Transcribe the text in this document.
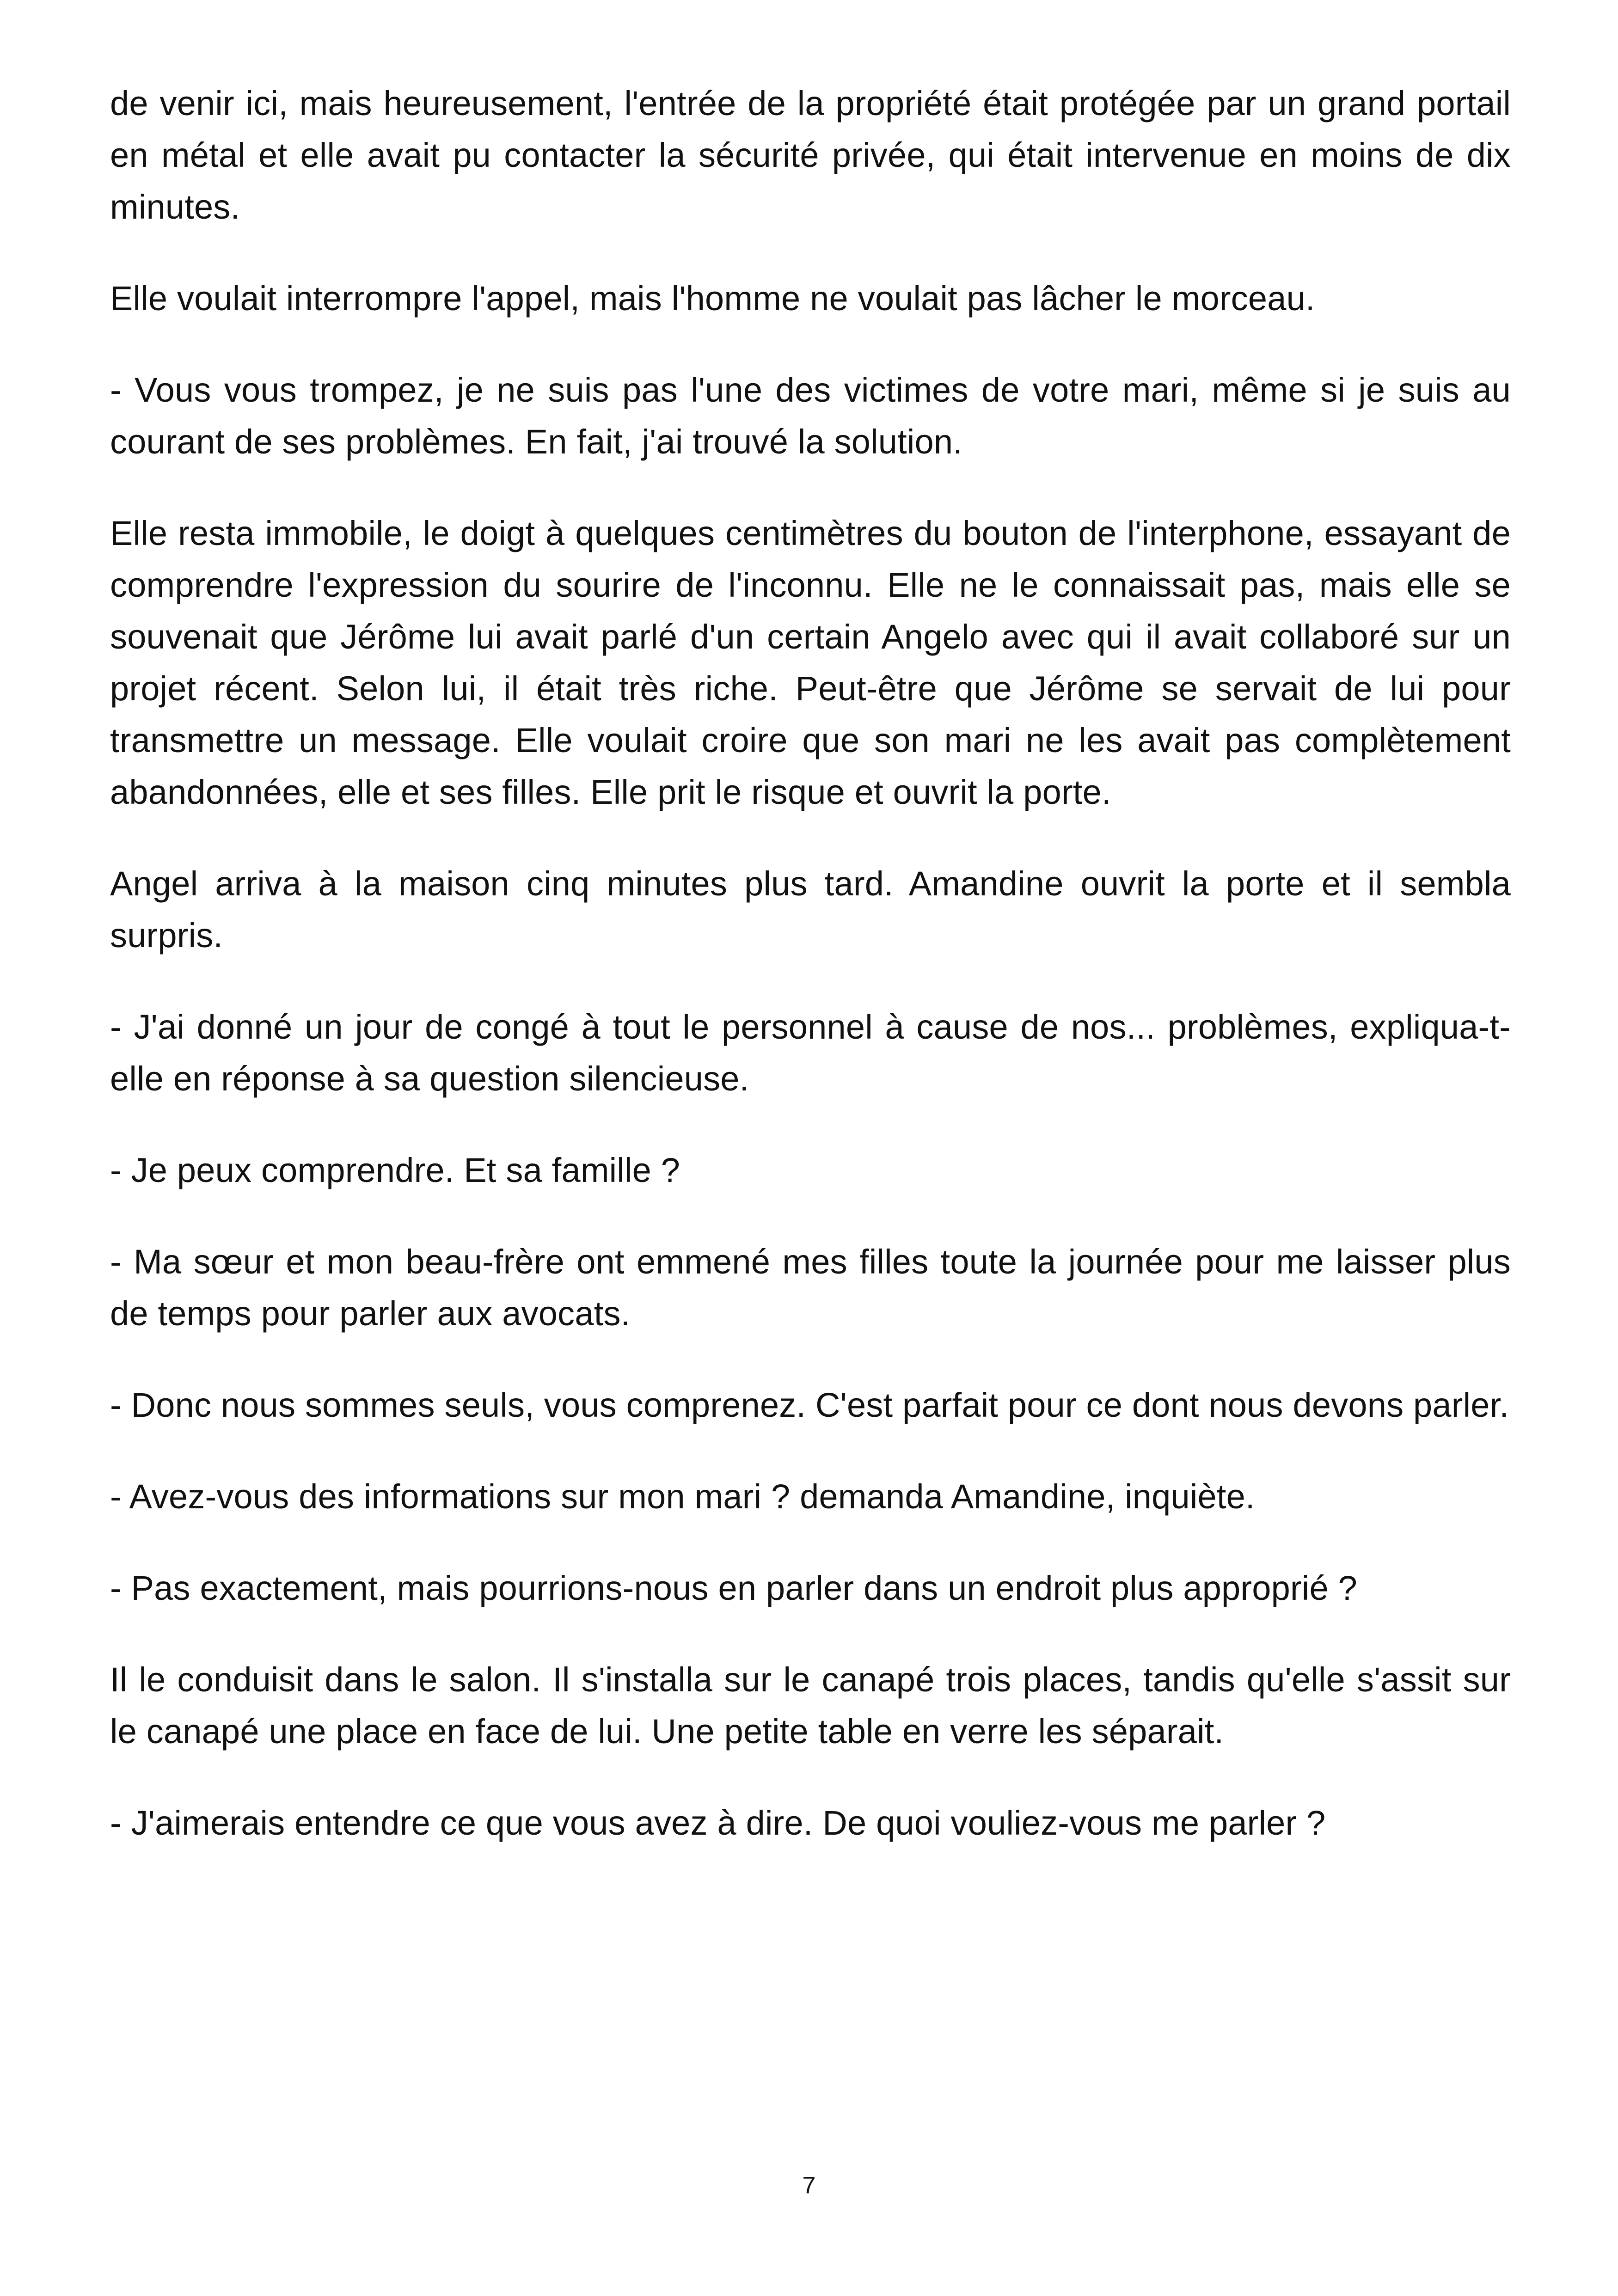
de venir ici, mais heureusement, l'entrée de la propriété était protégée par un grand portail en métal et elle avait pu contacter la sécurité privée, qui était intervenue en moins de dix minutes.

Elle voulait interrompre l'appel, mais l'homme ne voulait pas lâcher le morceau.

- Vous vous trompez, je ne suis pas l'une des victimes de votre mari, même si je suis au courant de ses problèmes. En fait, j'ai trouvé la solution.

Elle resta immobile, le doigt à quelques centimètres du bouton de l'interphone, essayant de comprendre l'expression du sourire de l'inconnu. Elle ne le connaissait pas, mais elle se souvenait que Jérôme lui avait parlé d'un certain Angelo avec qui il avait collaboré sur un projet récent. Selon lui, il était très riche. Peut-être que Jérôme se servait de lui pour transmettre un message. Elle voulait croire que son mari ne les avait pas complètement abandonnées, elle et ses filles. Elle prit le risque et ouvrit la porte.

Angel arriva à la maison cinq minutes plus tard. Amandine ouvrit la porte et il sembla surpris.

- J'ai donné un jour de congé à tout le personnel à cause de nos... problèmes, expliqua-t-elle en réponse à sa question silencieuse.

- Je peux comprendre. Et sa famille ?

- Ma sœur et mon beau-frère ont emmené mes filles toute la journée pour me laisser plus de temps pour parler aux avocats.

- Donc nous sommes seuls, vous comprenez. C'est parfait pour ce dont nous devons parler.

- Avez-vous des informations sur mon mari ? demanda Amandine, inquiète.

- Pas exactement, mais pourrions-nous en parler dans un endroit plus approprié ?

Il le conduisit dans le salon. Il s'installa sur le canapé trois places, tandis qu'elle s'assit sur le canapé une place en face de lui. Une petite table en verre les séparait.

- J'aimerais entendre ce que vous avez à dire. De quoi vouliez-vous me parler ?

7
